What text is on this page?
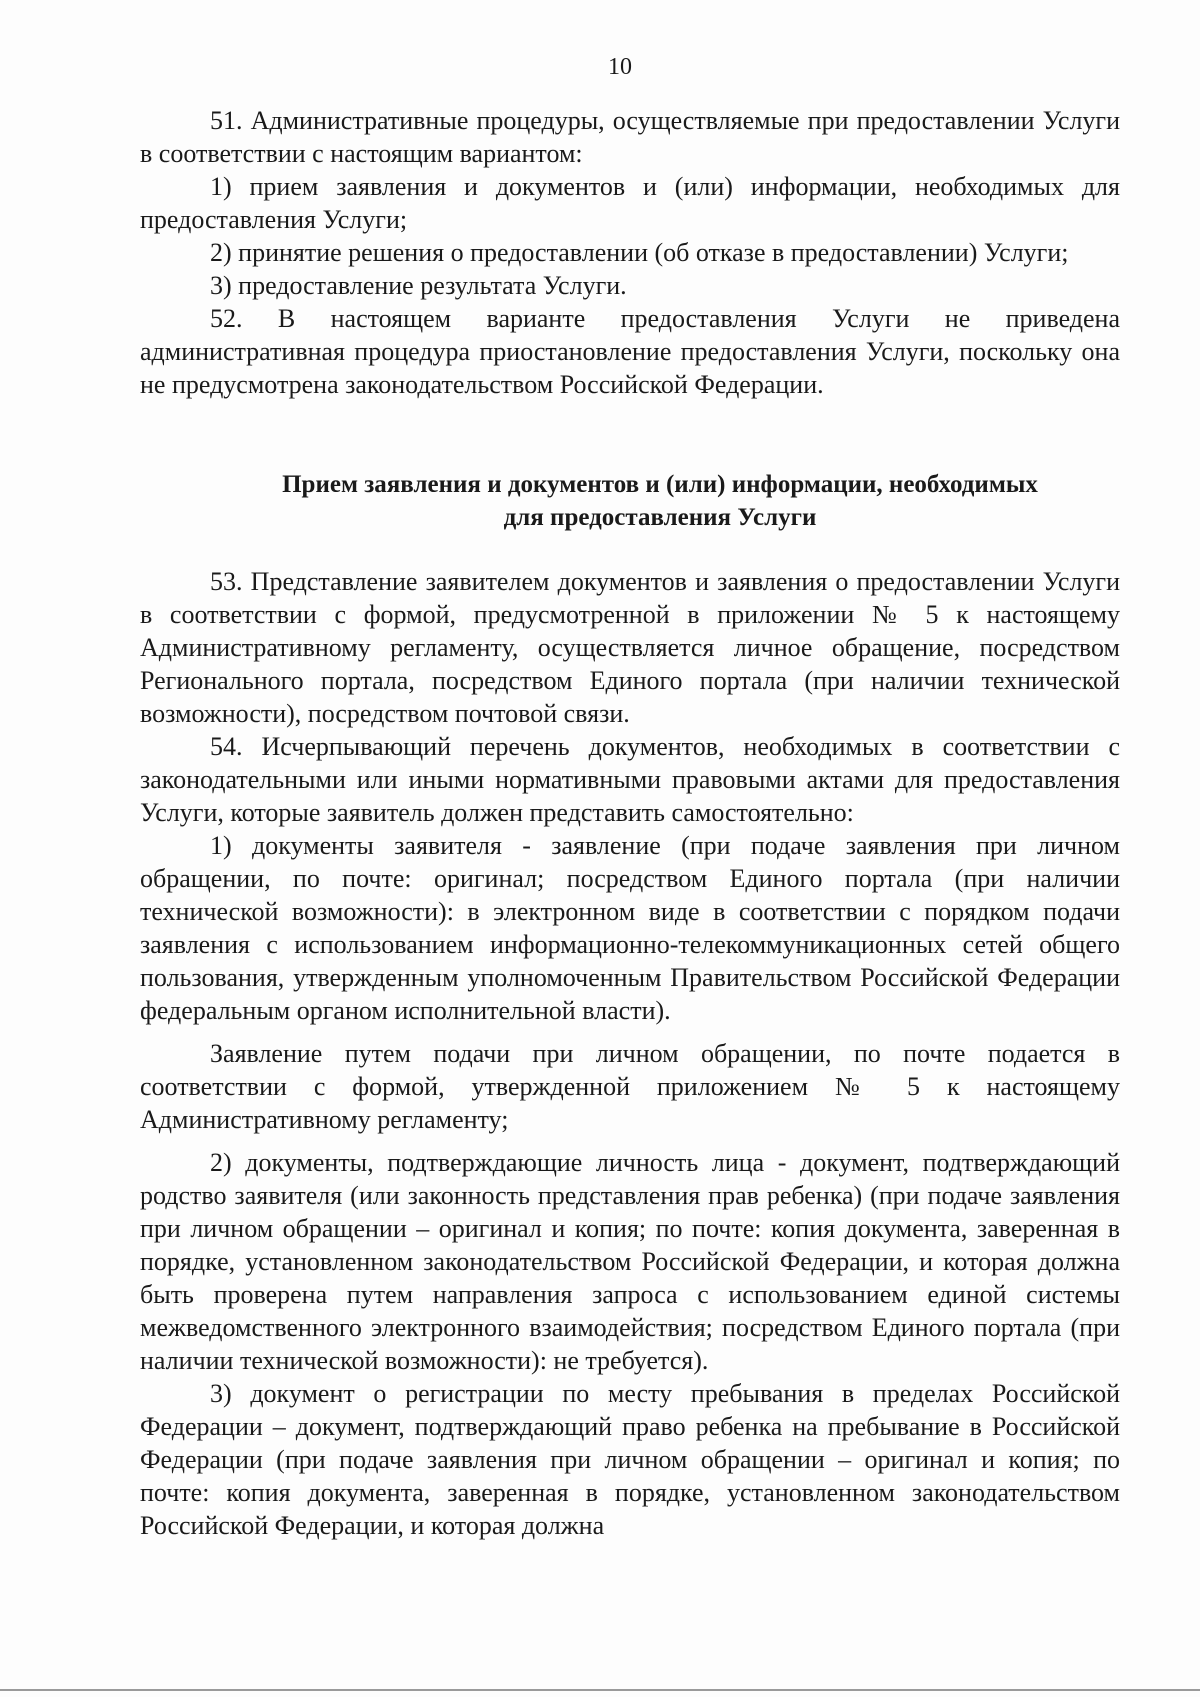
10

51. Административные процедуры, осуществляемые при предоставлении Услуги в соответствии с настоящим вариантом:

1) прием заявления и документов и (или) информации, необходимых для предоставления Услуги;

2) принятие решения о предоставлении (об отказе в предоставлении) Услуги;

3) предоставление результата Услуги.

52. В настоящем варианте предоставления Услуги не приведена административная процедура приостановление предоставления Услуги, поскольку она не предусмотрена законодательством Российской Федерации.

Прием заявления и документов и (или) информации, необходимых
для предоставления Услуги

53. Представление заявителем документов и заявления о предоставлении Услуги в соответствии с формой, предусмотренной в приложении № 5 к настоящему Административному регламенту, осуществляется личное обращение, посредством Регионального портала, посредством Единого портала (при наличии технической возможности), посредством почтовой связи.

54. Исчерпывающий перечень документов, необходимых в соответствии с законодательными или иными нормативными правовыми актами для предоставления Услуги, которые заявитель должен представить самостоятельно:

1) документы заявителя - заявление (при подаче заявления при личном обращении, по почте: оригинал; посредством Единого портала (при наличии технической возможности): в электронном виде в соответствии с порядком подачи заявления с использованием информационно-телекоммуникационных сетей общего пользования, утвержденным уполномоченным Правительством Российской Федерации федеральным органом исполнительной власти).

Заявление путем подачи при личном обращении, по почте подается в соответствии с формой, утвержденной приложением № 5 к настоящему Административному регламенту;

2) документы, подтверждающие личность лица - документ, подтверждающий родство заявителя (или законность представления прав ребенка) (при подаче заявления при личном обращении – оригинал и копия; по почте: копия документа, заверенная в порядке, установленном законодательством Российской Федерации, и которая должна быть проверена путем направления запроса с использованием единой системы межведомственного электронного взаимодействия; посредством Единого портала (при наличии технической возможности): не требуется).

3) документ о регистрации по месту пребывания в пределах Российской Федерации – документ, подтверждающий право ребенка на пребывание в Российской Федерации (при подаче заявления при личном обращении – оригинал и копия; по почте: копия документа, заверенная в порядке, установленном законодательством Российской Федерации, и которая должна
